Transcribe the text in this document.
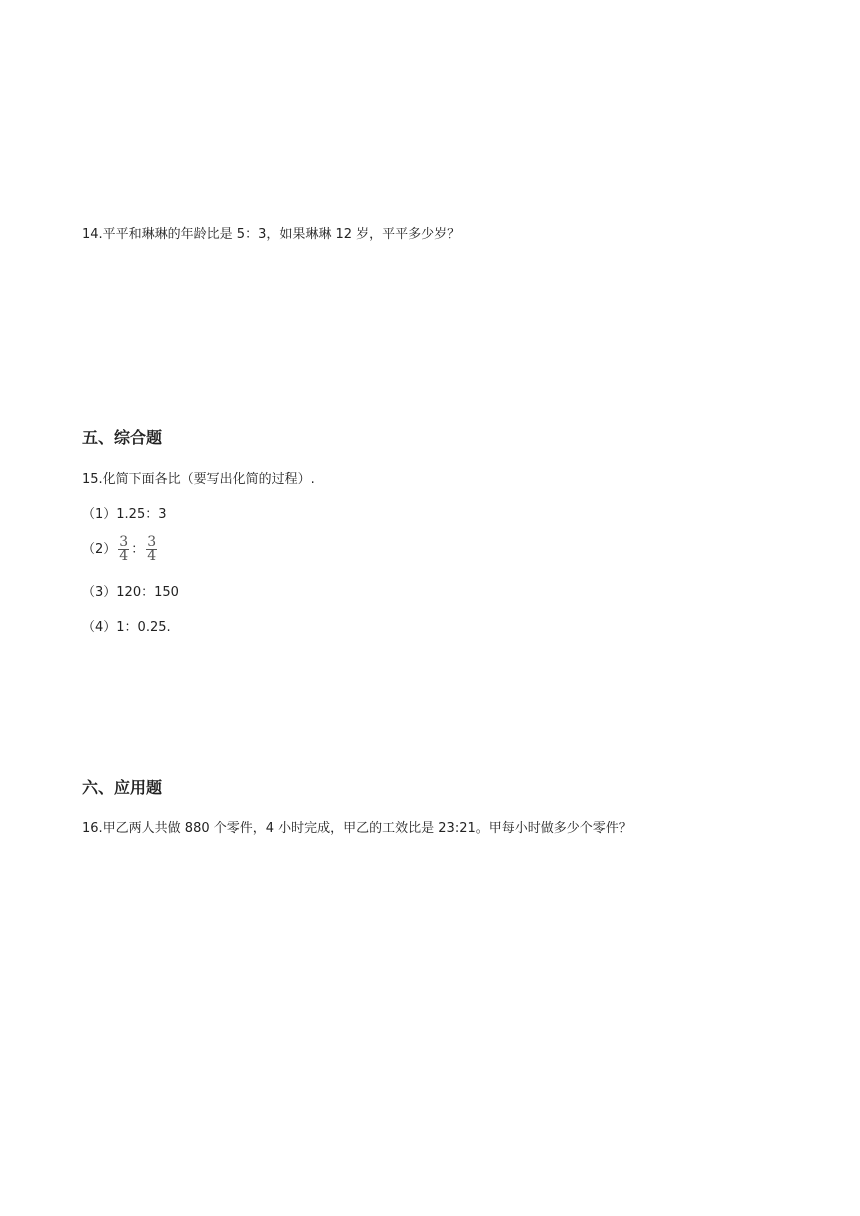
14.平平和琳琳的年龄比是 5：3，如果琳琳 12 岁，平平多少岁？
五、综合题
15.化简下面各比（要写出化简的过程）.
（1）1.25：3
$(2) \frac{3}{4}$ ： $\frac{3}{4}$
（3）120：150
（4）1：0.25.
六、应用题
16.甲乙两人共做 880 个零件，4 小时完成，甲乙的工效比是 23:21。甲每小时做多少个零件？
